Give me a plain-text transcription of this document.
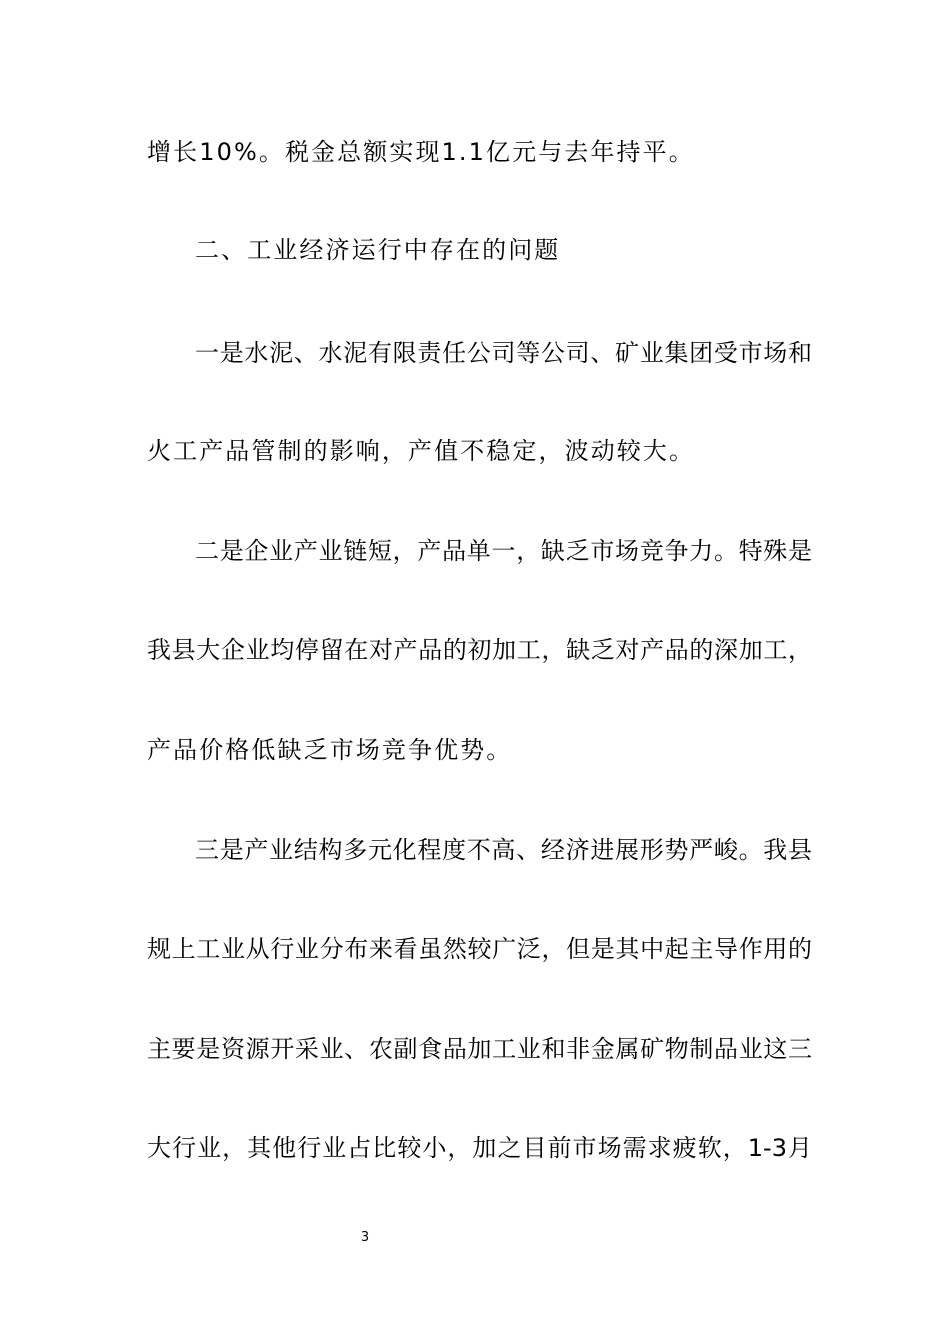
增长10%。税金总额实现1.1亿元与去年持平。

二、工业经济运行中存在的问题

一是水泥、水泥有限责任公司等公司、矿业集团受市场和

火工产品管制的影响，产值不稳定，波动较大。

二是企业产业链短，产品单一，缺乏市场竞争力。特殊是

我县大企业均停留在对产品的初加工，缺乏对产品的深加工，

产品价格低缺乏市场竞争优势。

三是产业结构多元化程度不高、经济进展形势严峻。我县

规上工业从行业分布来看虽然较广泛，但是其中起主导作用的

主要是资源开采业、农副食品加工业和非金属矿物制品业这三

大行业，其他行业占比较小，加之目前市场需求疲软，1-3月

3
